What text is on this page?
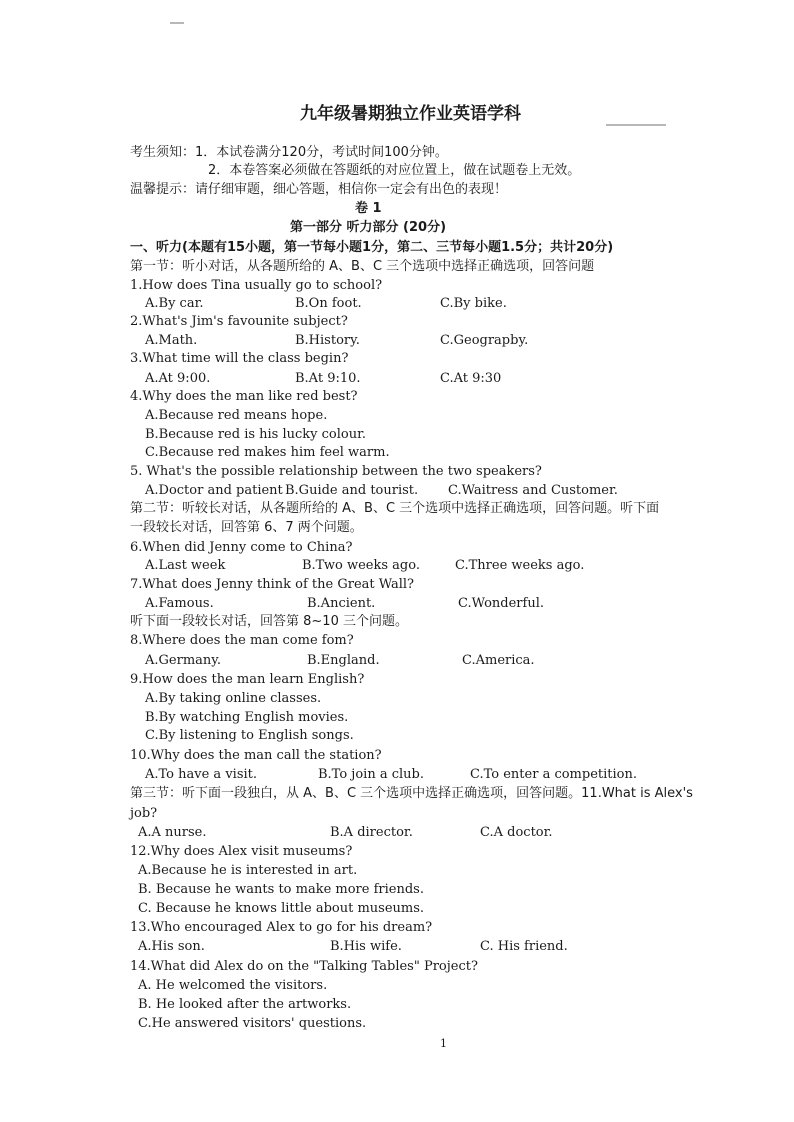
九年级暑期独立作业英语学科
考生须知：1．本试卷满分120分，考试时间100分钟。
2．本卷答案必须做在答题纸的对应位置上，做在试题卷上无效。
温馨提示：请仔细审题，细心答题，相信你一定会有出色的表现！
卷 1
第一部分 听力部分 (20分)
一、听力(本题有15小题，第一节每小题1分，第二、三节每小题1.5分；共计20分)
第一节：听小对话，从各题所给的 A、B、C 三个选项中选择正确选项，回答问题
1.How does Tina usually go to school?
A.By car.	B.On foot.	C.By bike.
2.What's Jim's favounite subject?
A.Math.	B.History.	C.Geograpby.
3.What time will the class begin?
A.At 9:00.	B.At 9:10.	C.At 9:30
4.Why does the man like red best?
A.Because red means hope.
B.Because red is his lucky colour.
C.Because red makes him feel warm.
5. What's the possible relationship between the two speakers?
A.Doctor and patient B.Guide and tourist. C.Waitress and Customer.
第二节：听较长对话，从各题所给的 A、B、C 三个选项中选择正确选项，回答问题。听下面
一段较长对话，回答第 6、7 两个问题。
6.When did Jenny come to China?
A.Last week	B.Two weeks ago.	C.Three weeks ago.
7.What does Jenny think of the Great Wall?
A.Famous.	B.Ancient.	C.Wonderful.
听下面一段较长对话，回答第 8~10 三个问题。
8.Where does the man come fom?
A.Germany.	B.England.	C.America.
9.How does the man learn English?
A.By taking online classes.
B.By watching English movies.
C.By listening to English songs.
10.Why does the man call the station?
A.To have a visit.	B.To join a club.	C.To enter a competition.
第三节：听下面一段独白，从 A、B、C 三个选项中选择正确选项，回答问题。11.What is Alex's
job?
A.A nurse.	B.A director.	C.A doctor.
12.Why does Alex visit museums?
A.Because he is interested in art.
B. Because he wants to make more friends.
C. Because he knows little about museums.
13.Who encouraged Alex to go for his dream?
A.His son.	B.His wife.	C. His friend.
14.What did Alex do on the "Talking Tables" Project?
A. He welcomed the visitors.
B. He looked after the artworks.
C.He answered visitors' questions.
1
